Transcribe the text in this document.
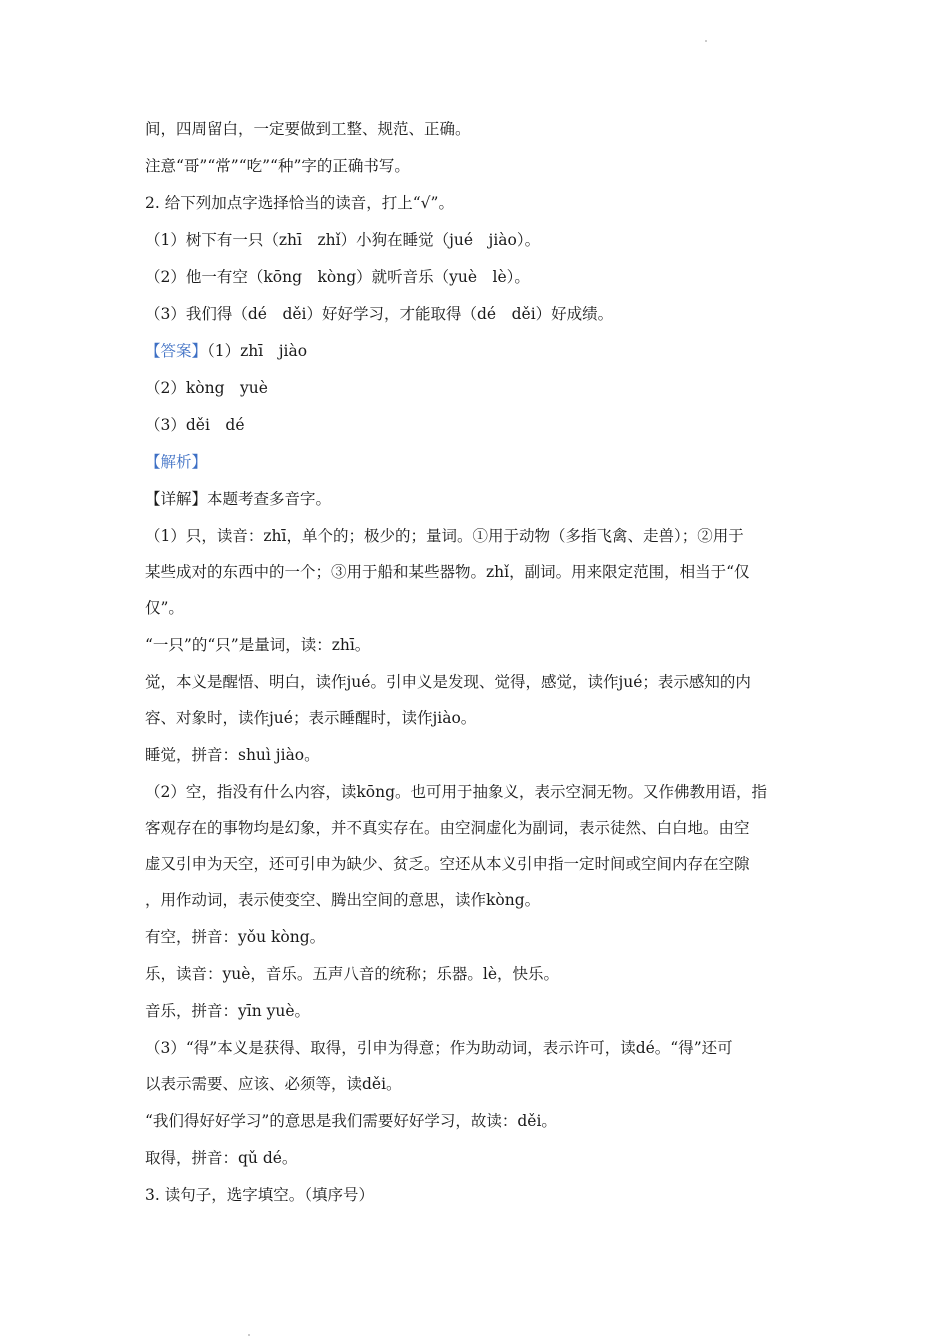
间，四周留白，一定要做到工整、规范、正确。

注意“哥”“常”“吃”“种”字的正确书写。

2. 给下列加点字选择恰当的读音，打上“√”。

（1）树下有一只（zhī　zhǐ）小狗在睡觉（jué　jiào）。

（2）他一有空（kōng　kòng）就听音乐（yuè　lè）。

（3）我们得（dé　děi）好好学习，才能取得（dé　děi）好成绩。

【答案】（1）zhī　jiào

（2）kòng　yuè

（3）děi　dé

【解析】

【详解】本题考查多音字。

（1）只，读音：zhī，单个的；极少的；量词。①用于动物（多指飞禽、走兽）；②用于

某些成对的东西中的一个；③用于船和某些器物。zhǐ，副词。用来限定范围，相当于“仅

仅”。

“一只”的“只”是量词，读：zhī。

觉，本义是醒悟、明白，读作jué。引申义是发现、觉得，感觉，读作jué；表示感知的内

容、对象时，读作jué；表示睡醒时，读作jiào。

睡觉，拼音：shuì jiào。

（2）空，指没有什么内容，读kōng。也可用于抽象义，表示空洞无物。又作佛教用语，指

客观存在的事物均是幻象，并不真实存在。由空洞虚化为副词，表示徒然、白白地。由空

虚又引申为天空，还可引申为缺少、贫乏。空还从本义引申指一定时间或空间内存在空隙

，用作动词，表示使变空、腾出空间的意思，读作kòng。

有空，拼音：yǒu kòng。

乐，读音：yuè，音乐。五声八音的统称；乐器。lè，快乐。

音乐，拼音：yīn yuè。

（3）“得”本义是获得、取得，引申为得意；作为助动词，表示许可，读dé。“得”还可

以表示需要、应该、必须等，读děi。

“我们得好好学习”的意思是我们需要好好学习，故读：děi。

取得，拼音：qǔ dé。

3. 读句子，选字填空。（填序号）
